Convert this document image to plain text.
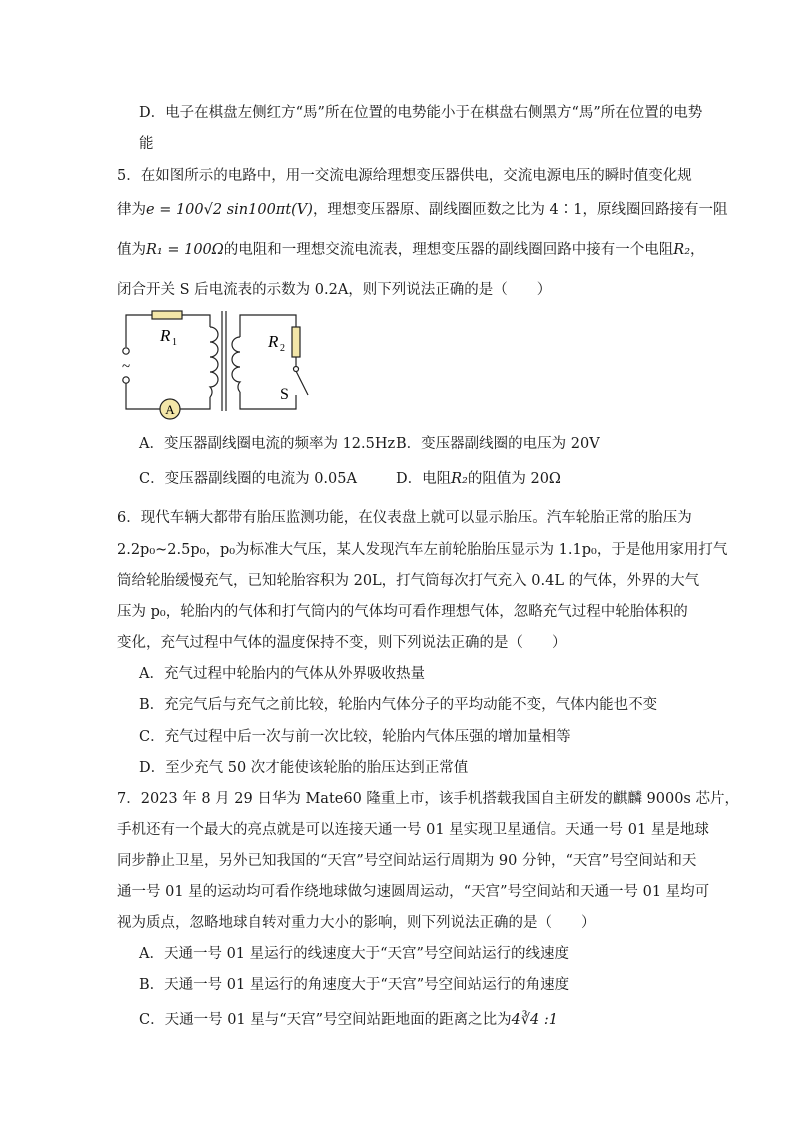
D．电子在棋盘左侧红方“馬”所在位置的电势能小于在棋盘右侧黑方“馬”所在位置的电势
能
5．在如图所示的电路中，用一交流电源给理想变压器供电，交流电源电压的瞬时值变化规
律为e = 100√2 sin100πt(V)，理想变压器原、副线圈匝数之比为 4∶1，原线圈回路接有一阻
值为R₁ = 100Ω的电阻和一理想交流电流表，理想变压器的副线圈回路中接有一个电阻R₂，
闭合开关 S 后电流表的示数为 0.2A，则下列说法正确的是（　　）
A
~
R 1	R 2
S
A．变压器副线圈电流的频率为 12.5Hz B．变压器副线圈的电压为 20V
C．变压器副线圈的电流为 0.05A	D．电阻R₂的阻值为 20Ω
6．现代车辆大都带有胎压监测功能，在仪表盘上就可以显示胎压。汽车轮胎正常的胎压为
2.2p₀~2.5p₀，p₀为标准大气压，某人发现汽车左前轮胎胎压显示为 1.1p₀，于是他用家用打气
筒给轮胎缓慢充气，已知轮胎容积为 20L，打气筒每次打气充入 0.4L 的气体，外界的大气
压为 p₀，轮胎内的气体和打气筒内的气体均可看作理想气体，忽略充气过程中轮胎体积的
变化，充气过程中气体的温度保持不变，则下列说法正确的是（　　）
A．充气过程中轮胎内的气体从外界吸收热量
B．充完气后与充气之前比较，轮胎内气体分子的平均动能不变，气体内能也不变
C．充气过程中后一次与前一次比较，轮胎内气体压强的增加量相等
D．至少充气 50 次才能使该轮胎的胎压达到正常值
7．2023 年 8 月 29 日华为 Mate60 隆重上市，该手机搭载我国自主研发的麒麟 9000s 芯片，
手机还有一个最大的亮点就是可以连接天通一号 01 星实现卫星通信。天通一号 01 星是地球
同步静止卫星，另外已知我国的“天宫”号空间站运行周期为 90 分钟，“天宫”号空间站和天
通一号 01 星的运动均可看作绕地球做匀速圆周运动，“天宫”号空间站和天通一号 01 星均可
视为质点，忽略地球自转对重力大小的影响，则下列说法正确的是（　　）
A．天通一号 01 星运行的线速度大于“天宫”号空间站运行的线速度
B．天通一号 01 星运行的角速度大于“天宫”号空间站运行的角速度
C．天通一号 01 星与“天宫”号空间站距地面的距离之比为4∛4 :1
